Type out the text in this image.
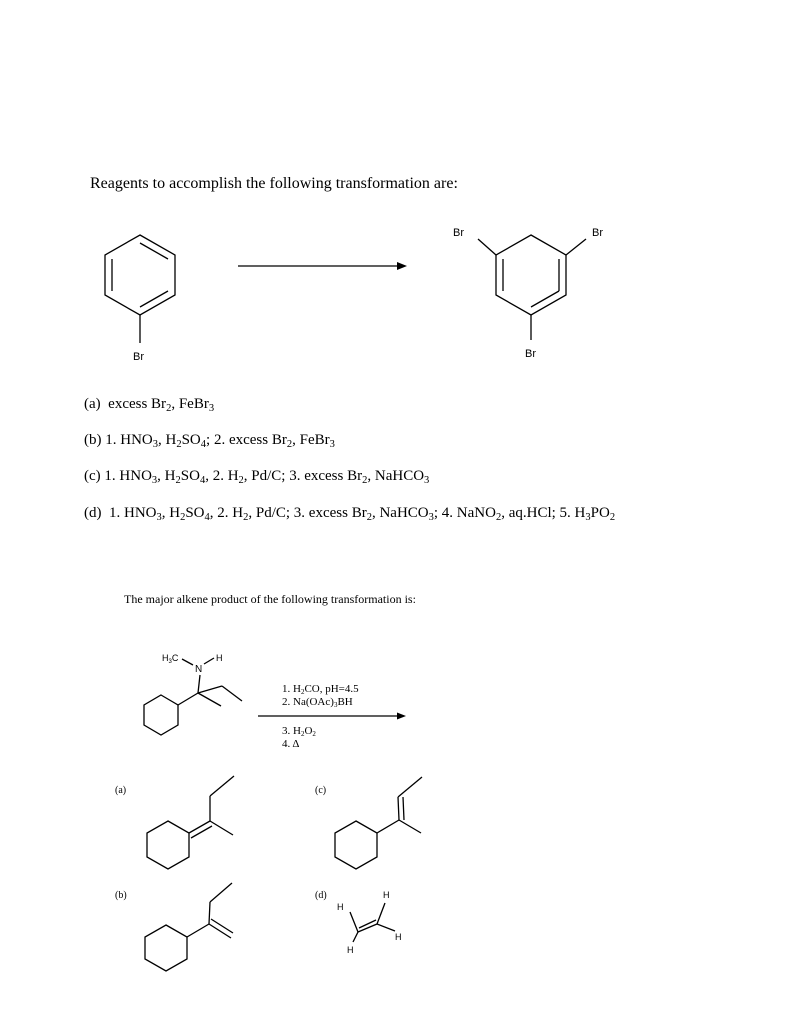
Reagents to accomplish the following transformation are:
Br
Br	Br
Br
(a) excess $Br_2$, FeBr$_3$
(b) 1. $HNO_3$, $H_2SO_4$; 2. excess $Br_2$, FeBr$_3$
(c) 1. $HNO_3$, $H_2SO_4$, 2. $H_2$, Pd/C; 3. excess $Br_2$, NaHCO$_3$
(d) 1. $HNO_3$, $H_2SO_4$, 2. $H_2$, Pd/C; 3. excess $Br_2$, NaHCO$_3$; 4. NaNO$_2$, aq.HCl; 5. $H_3PO_2$
The major alkene product of the following transformation is:
$H_3C$
N
H
1. H2CO, pH=4.5
2. Na(OAc)3BH
3. H2O2
4. Δ
(a)	(c)
(b)	(d)	H
H
H
H
